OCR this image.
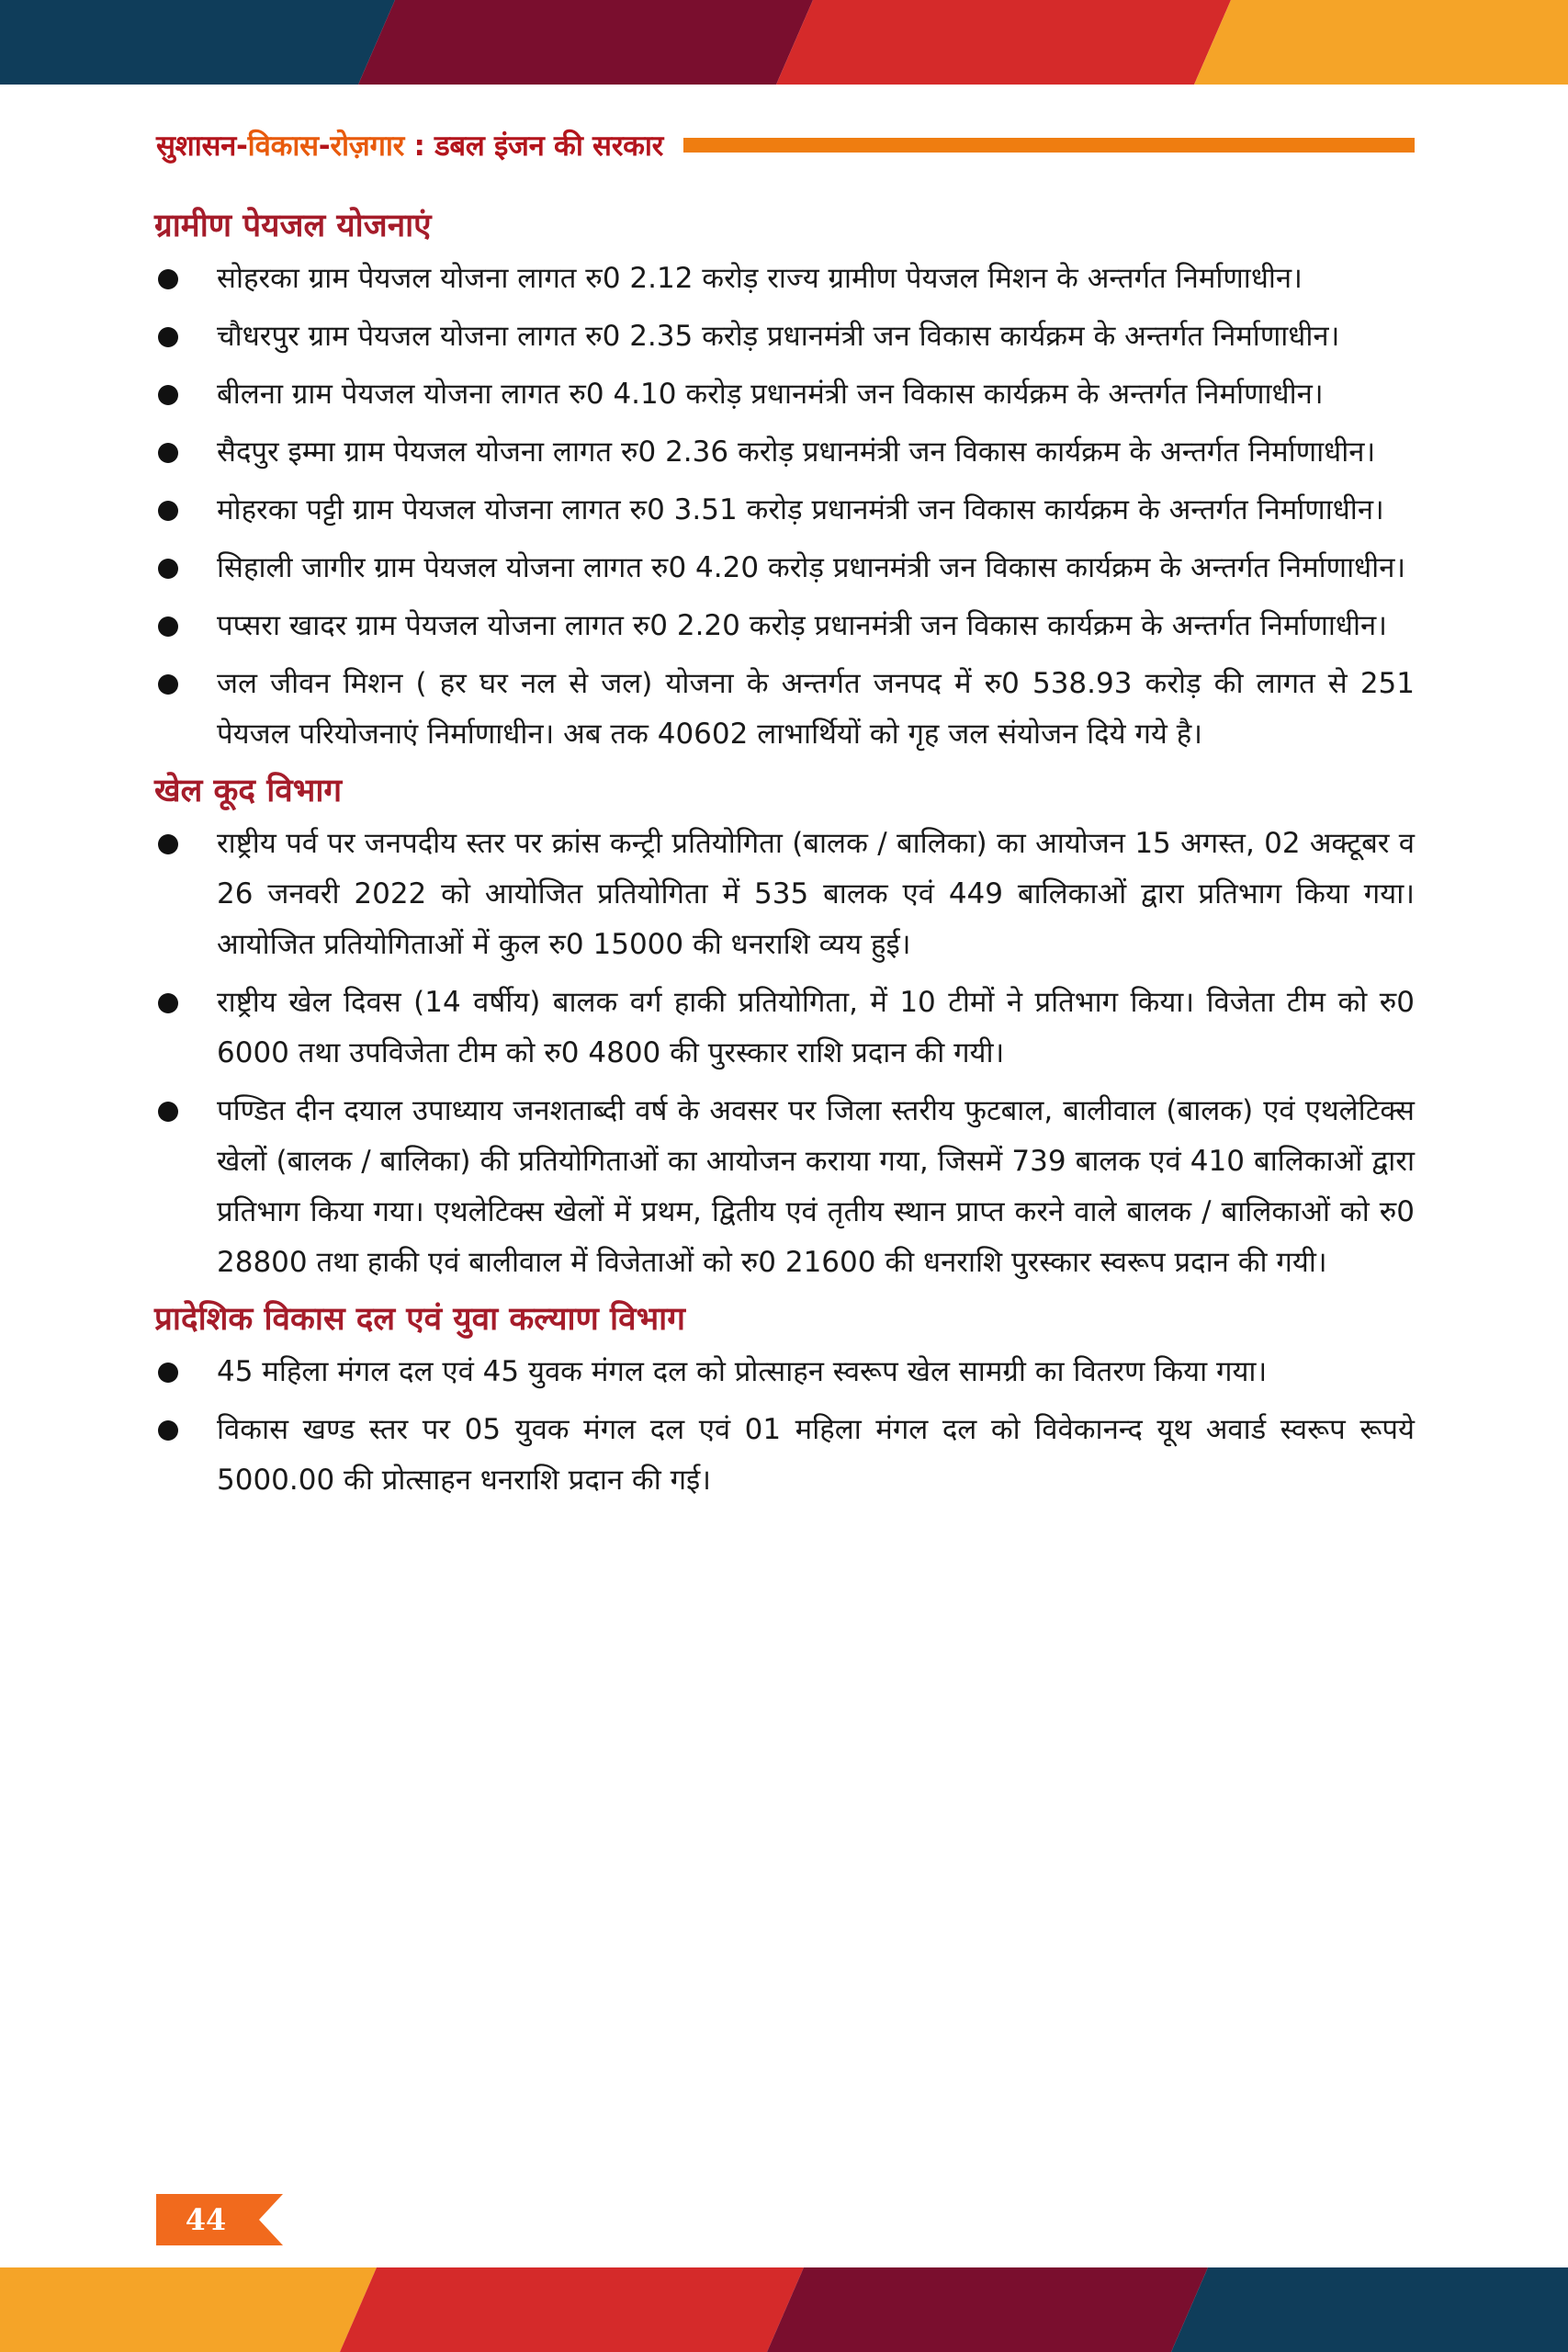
सुशासन-विकास-रोज़गार : डबल इंजन की सरकार
ग्रामीण पेयजल योजनाएं
सोहरका ग्राम पेयजल योजना लागत रु0 2.12 करोड़ राज्य ग्रामीण पेयजल मिशन के अन्तर्गत निर्माणाधीन।
चौधरपुर ग्राम पेयजल योजना लागत रु0 2.35 करोड़ प्रधानमंत्री जन विकास कार्यक्रम के अन्तर्गत निर्माणाधीन।
बीलना ग्राम पेयजल योजना लागत रु0 4.10 करोड़ प्रधानमंत्री जन विकास कार्यक्रम के अन्तर्गत निर्माणाधीन।
सैदपुर इम्मा ग्राम पेयजल योजना लागत रु0 2.36 करोड़ प्रधानमंत्री जन विकास कार्यक्रम के अन्तर्गत निर्माणाधीन।
मोहरका पट्टी ग्राम पेयजल योजना लागत रु0 3.51 करोड़ प्रधानमंत्री जन विकास कार्यक्रम के अन्तर्गत निर्माणाधीन।
सिहाली जागीर ग्राम पेयजल योजना लागत रु0 4.20 करोड़ प्रधानमंत्री जन विकास कार्यक्रम के अन्तर्गत निर्माणाधीन।
पप्सरा खादर ग्राम पेयजल योजना लागत रु0 2.20 करोड़ प्रधानमंत्री जन विकास कार्यक्रम के अन्तर्गत निर्माणाधीन।
जल जीवन मिशन ( हर घर नल से जल) योजना के अन्तर्गत जनपद में रु0 538.93 करोड़ की लागत से 251 पेयजल परियोजनाएं निर्माणाधीन। अब तक 40602 लाभार्थियों को गृह जल संयोजन दिये गये है।
खेल कूद विभाग
राष्ट्रीय पर्व पर जनपदीय स्तर पर क्रांस कन्ट्री प्रतियोगिता (बालक / बालिका) का आयोजन 15 अगस्त, 02 अक्टूबर व 26 जनवरी 2022 को आयोजित प्रतियोगिता में 535 बालक एवं 449 बालिकाओं द्वारा प्रतिभाग किया गया। आयोजित प्रतियोगिताओं में कुल रु0 15000 की धनराशि व्यय हुई।
राष्ट्रीय खेल दिवस (14 वर्षीय) बालक वर्ग हाकी प्रतियोगिता, में 10 टीमों ने प्रतिभाग किया। विजेता टीम को रु0 6000 तथा उपविजेता टीम को रु0 4800 की पुरस्कार राशि प्रदान की गयी।
पण्डित दीन दयाल उपाध्याय जनशताब्दी वर्ष के अवसर पर जिला स्तरीय फुटबाल, बालीवाल (बालक) एवं एथलेटिक्स खेलों (बालक / बालिका) की प्रतियोगिताओं का आयोजन कराया गया, जिसमें 739 बालक एवं 410 बालिकाओं द्वारा प्रतिभाग किया गया। एथलेटिक्स खेलों में प्रथम, द्वितीय एवं तृतीय स्थान प्राप्त करने वाले बालक / बालिकाओं को रु0 28800 तथा हाकी एवं बालीवाल में विजेताओं को रु0 21600 की धनराशि पुरस्कार स्वरूप प्रदान की गयी।
प्रादेशिक विकास दल एवं युवा कल्याण विभाग
45 महिला मंगल दल एवं 45 युवक मंगल दल को प्रोत्साहन स्वरूप खेल सामग्री का वितरण किया गया।
विकास खण्ड स्तर पर 05 युवक मंगल दल एवं 01 महिला मंगल दल को विवेकानन्द यूथ अवार्ड स्वरूप रूपये 5000.00 की प्रोत्साहन धनराशि प्रदान की गई।
44
